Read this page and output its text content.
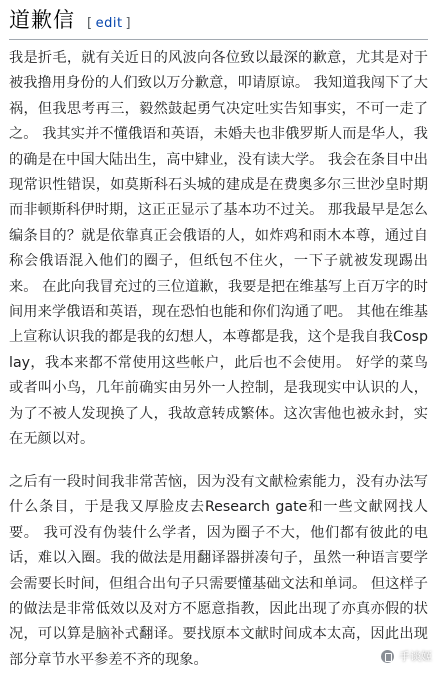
道歉信 [ edit ]

我是折毛，就有关近日的风波向各位致以最深的歉意，尤其是对于被我撸用身份的人们致以万分歉意，叩请原谅。 我知道我闯下了大祸，但我思考再三，毅然鼓起勇气决定吐实告知事实，不可一走了之。 我其实并不懂俄语和英语，未婚夫也非俄罗斯人而是华人，我的确是在中国大陆出生，高中肄业，没有读大学。 我会在条目中出现常识性错误，如莫斯科石头城的建成是在费奥多尔三世沙皇时期而非顿斯科伊时期，这正正显示了基本功不过关。 那我最早是怎么编条目的？就是依靠真正会俄语的人，如炸鸡和雨木本尊，通过自称会俄语混入他们的圈子，但纸包不住火，一下子就被发现踢出来。 在此向我冒充过的三位道歉，我要是把在维基写上百万字的时间用来学俄语和英语，现在恐怕也能和你们沟通了吧。 其他在维基上宣称认识我的都是我的幻想人，本尊都是我，这个是我自我Cosplay，我本来都不常使用这些帐户，此后也不会使用。 好学的菜鸟或者叫小鸟，几年前确实由另外一人控制，是我现实中认识的人，为了不被人发现换了人，我故意转成繁体。这次害他也被永封，实在无颜以对。

之后有一段时间我非常苦恼，因为没有文献检索能力，没有办法写什么条目，于是我又厚脸皮去Research gate和一些文献网找人要。 我可没有伪装什么学者，因为圈子不大，他们都有彼此的电话，难以入圈。我的做法是用翻译器拼凑句子，虽然一种语言要学会需要长时间，但组合出句子只需要懂基础文法和单词。 但这样子的做法是非常低效以及对方不愿意指教，因此出现了亦真亦假的状况，可以算是脑补式翻译。要找原本文献时间成本太高，因此出现部分章节水平参差不齐的现象。	手谈姬
